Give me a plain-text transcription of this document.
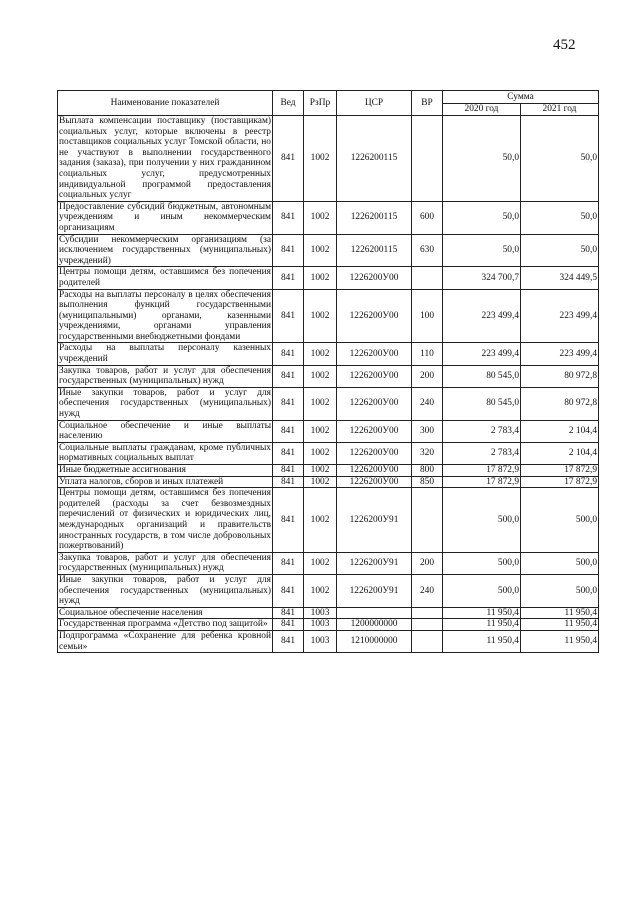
452
Наименование показателей	Вед	РзПр	ЦСР	ВР	Сумма	
					2020 год	2021 год
Выплата компенсации поставщику (поставщикам) социальных услуг, которые включены в реестр поставщиков социальных услуг Томской области, но не участвуют в выполнении государственного задания (заказа), при получении у них гражданином социальных услуг, предусмотренных индивидуальной программой предоставления социальных услуг	841	1002	1226200115		50,0	50,0
Предоставление субсидий бюджетным, автономным учреждениям и иным некоммерческим организациям	841	1002	1226200115	600	50,0	50,0
Субсидии некоммерческим организациям (за исключением государственных (муниципальных) учреждений)	841	1002	1226200115	630	50,0	50,0
Центры помощи детям, оставшимся без попечения родителей	841	1002	1226200У00		324 700,7	324 449,5
Расходы на выплаты персоналу в целях обеспечения выполнения функций государственными (муниципальными) органами, казенными учреждениями, органами управления государственными внебюджетными фондами	841	1002	1226200У00	100	223 499,4	223 499,4
Расходы на выплаты персоналу казенных учреждений	841	1002	1226200У00	110	223 499,4	223 499,4
Закупка товаров, работ и услуг для обеспечения государственных (муниципальных) нужд	841	1002	1226200У00	200	80 545,0	80 972,8
Иные закупки товаров, работ и услуг для обеспечения государственных (муниципальных) нужд	841	1002	1226200У00	240	80 545,0	80 972,8
Социальное обеспечение и иные выплаты населению	841	1002	1226200У00	300	2 783,4	2 104,4
Социальные выплаты гражданам, кроме публичных нормативных социальных выплат	841	1002	1226200У00	320	2 783,4	2 104,4
Иные бюджетные ассигнования	841	1002	1226200У00	800	17 872,9	17 872,9
Уплата налогов, сборов и иных платежей	841	1002	1226200У00	850	17 872,9	17 872,9
Центры помощи детям, оставшимся без попечения родителей (расходы за счет безвозмездных перечислений от физических и юридических лиц, международных организаций и правительств иностранных государств, в том числе добровольных пожертвований)	841	1002	1226200У91		500,0	500,0
Закупка товаров, работ и услуг для обеспечения государственных (муниципальных) нужд	841	1002	1226200У91	200	500,0	500,0
Иные закупки товаров, работ и услуг для обеспечения государственных (муниципальных) нужд	841	1002	1226200У91	240	500,0	500,0
Социальное обеспечение населения	841	1003			11 950,4	11 950,4
Государственная программа «Детство под защитой»	841	1003	1200000000		11 950,4	11 950,4
Подпрограмма «Сохранение для ребенка кровной семьи»	841	1003	1210000000		11 950,4	11 950,4
